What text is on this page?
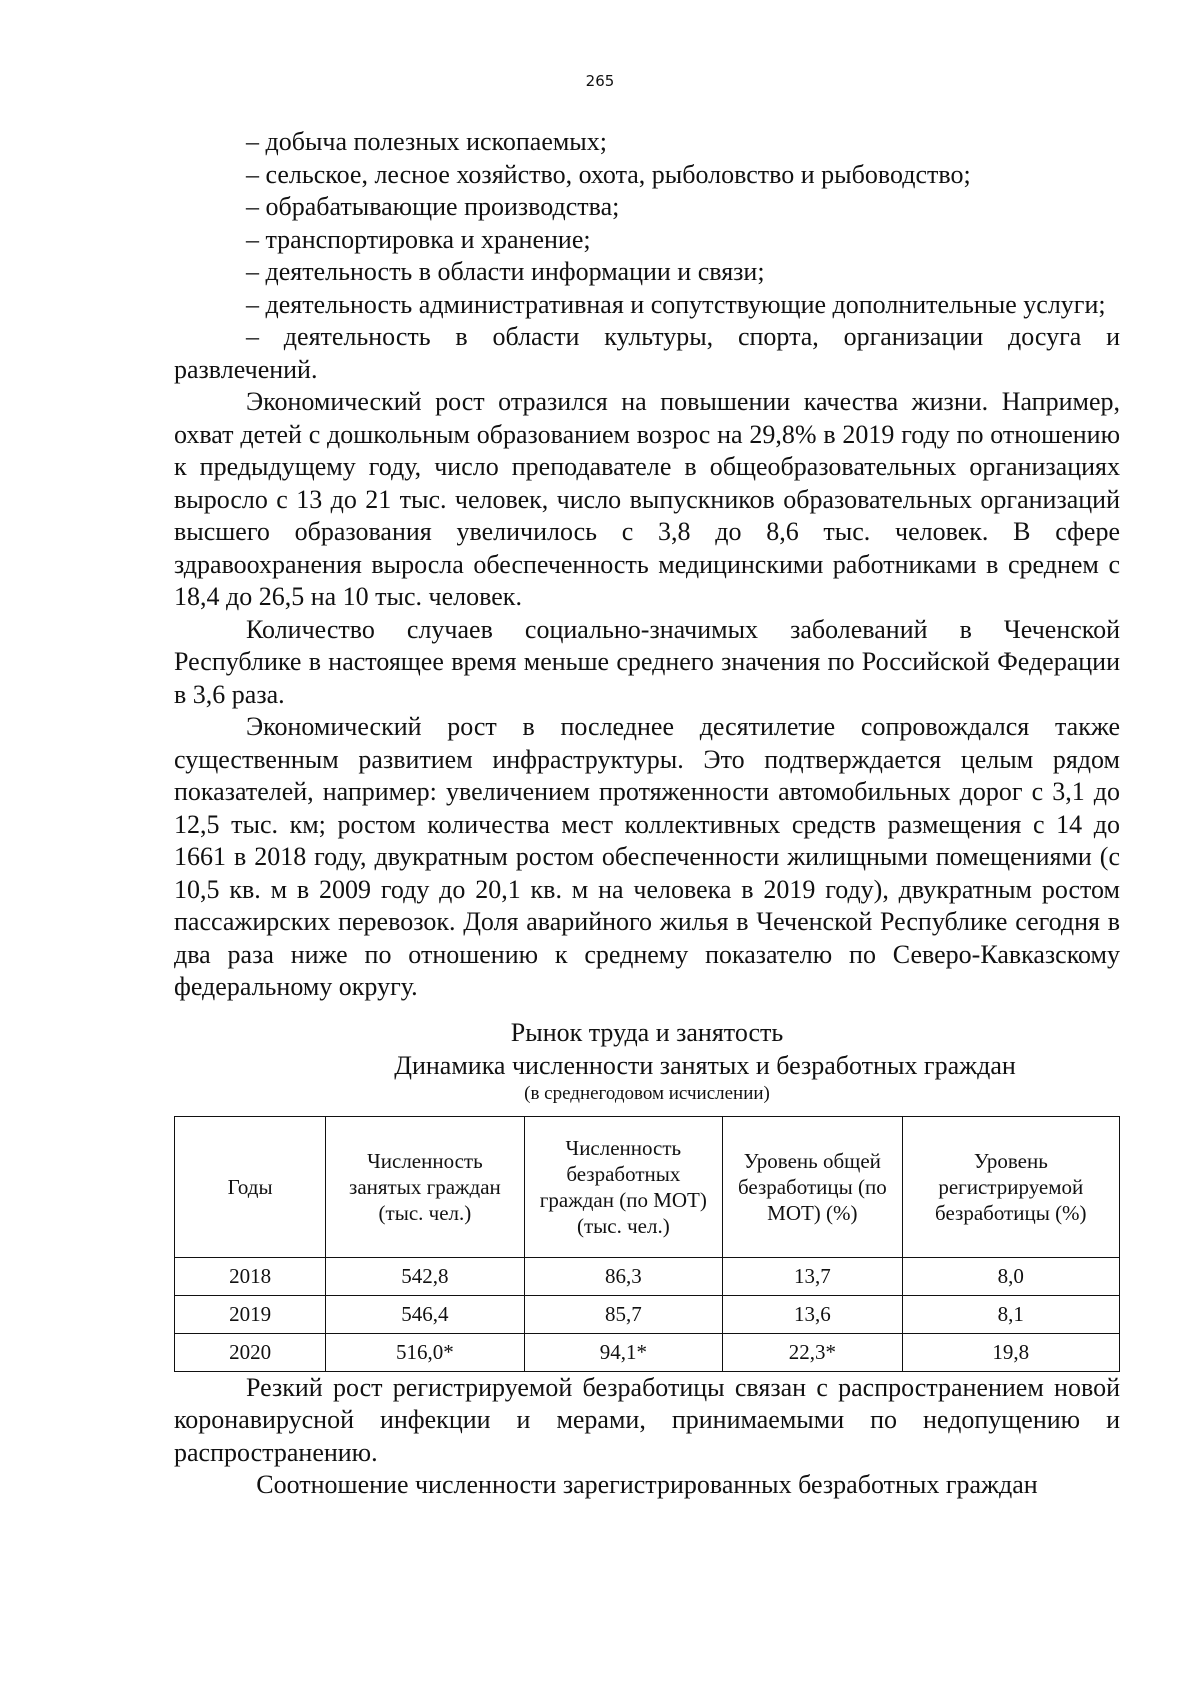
265

– добыча полезных ископаемых;

– сельское, лесное хозяйство, охота, рыболовство и рыбоводство;

– обрабатывающие производства;

– транспортировка и хранение;

– деятельность в области информации и связи;

– деятельность административная и сопутствующие дополнительные услуги;

– деятельность в области культуры, спорта, организации досуга и развлечений.

Экономический рост отразился на повышении качества жизни. Например, охват детей с дошкольным образованием возрос на 29,8% в 2019 году по отношению к предыдущему году, число преподавателе в общеобразовательных организациях выросло с 13 до 21 тыс. человек, число выпускников образовательных организаций высшего образования увеличилось с 3,8 до 8,6 тыс. человек. В сфере здравоохранения выросла обеспеченность медицинскими работниками в среднем с 18,4 до 26,5 на 10 тыс. человек.

Количество случаев социально-значимых заболеваний в Чеченской Республике в настоящее время меньше среднего значения по Российской Федерации в 3,6 раза.

Экономический рост в последнее десятилетие сопровождался также существенным развитием инфраструктуры. Это подтверждается целым рядом показателей, например: увеличением протяженности автомобильных дорог с 3,1 до 12,5 тыс. км; ростом количества мест коллективных средств размещения с 14 до 1661 в 2018 году, двукратным ростом обеспеченности жилищными помещениями (с 10,5 кв. м в 2009 году до 20,1 кв. м на человека в 2019 году), двукратным ростом пассажирских перевозок. Доля аварийного жилья в Чеченской Республике сегодня в два раза ниже по отношению к среднему показателю по Северо-Кавказскому федеральному округу.

Рынок труда и занятость
Динамика численности занятых и безработных граждан
(в среднегодовом исчислении)
Годы	Численность занятых граждан (тыс. чел.)	Численность безработных граждан (по МОТ) (тыс. чел.)	Уровень общей безработицы (по МОТ) (%)	Уровень регистрируемой безработицы (%)
2018	542,8	86,3	13,7	8,0
2019	546,4	85,7	13,6	8,1
2020	516,0*	94,1*	22,3*	19,8

Резкий рост регистрируемой безработицы связан с распространением новой коронавирусной инфекции и мерами, принимаемыми по недопущению и распространению.

Соотношение численности зарегистрированных безработных граждан
